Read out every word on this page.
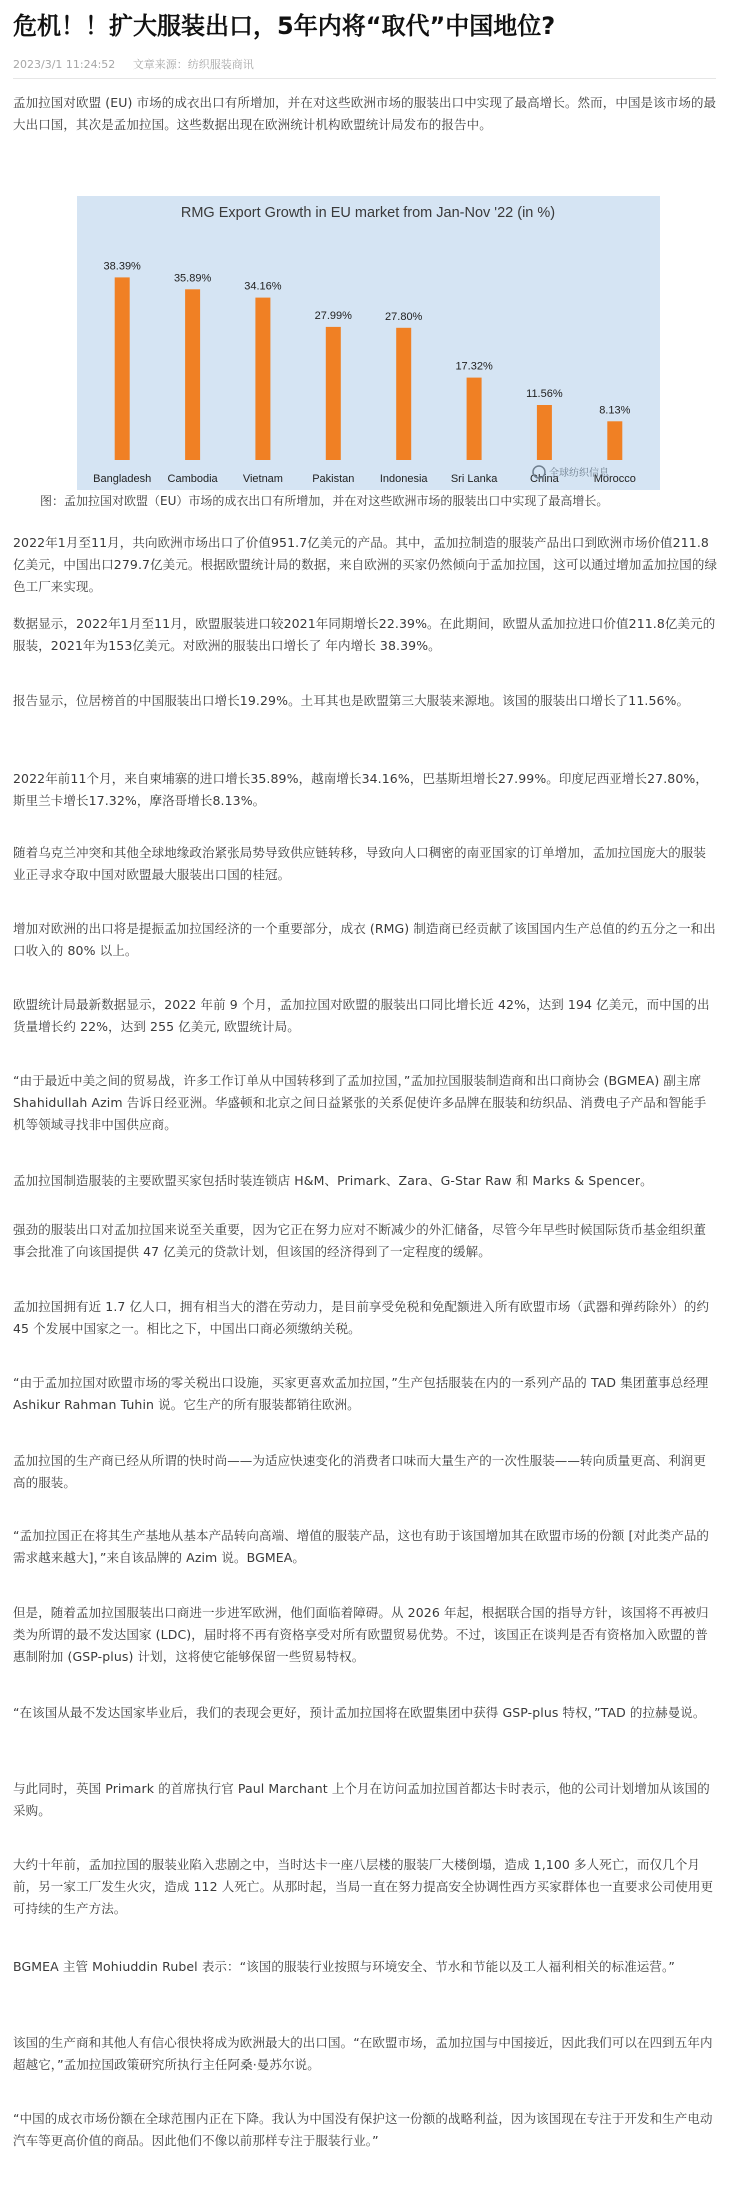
危机！！扩大服装出口，5年内将“取代”中国地位?
2023/3/1 11:24:52 文章来源：纺织服装商讯

孟加拉国对欧盟 (EU) 市场的成衣出口有所增加，并在对这些欧洲市场的服装出口中实现了最高增长。然而，中国是该市场的最大出口国，其次是孟加拉国。这些数据出现在欧洲统计机构欧盟统计局发布的报告中。

RMG Export Growth in EU market from Jan-Nov '22 (in %)
38.39%
Bangladesh
35.89%
Cambodia
34.16%
Vietnam
27.99%
Pakistan
27.80%
Indonesia
17.32%
Sri Lanka
11.56%
China
8.13%
Morocco
全球纺织信息
图：孟加拉国对欧盟（EU）市场的成衣出口有所增加，并在对这些欧洲市场的服装出口中实现了最高增长。

2022年1月至11月，共向欧洲市场出口了价值951.7亿美元的产品。其中，孟加拉制造的服装产品出口到欧洲市场价值211.8亿美元，中国出口279.7亿美元。根据欧盟统计局的数据，来自欧洲的买家仍然倾向于孟加拉国，这可以通过增加孟加拉国的绿色工厂来实现。

数据显示，2022年1月至11月，欧盟服装进口较2021年同期增长22.39%。在此期间，欧盟从孟加拉进口价值211.8亿美元的服装，2021年为153亿美元。对欧洲的服装出口增长了 年内增长 38.39%。

报告显示，位居榜首的中国服装出口增长19.29%。土耳其也是欧盟第三大服装来源地。该国的服装出口增长了11.56%。

2022年前11个月，来自柬埔寨的进口增长35.89%，越南增长34.16%，巴基斯坦增长27.99%。印度尼西亚增长27.80%，斯里兰卡增长17.32%，摩洛哥增长8.13%。

随着乌克兰冲突和其他全球地缘政治紧张局势导致供应链转移，导致向人口稠密的南亚国家的订单增加，孟加拉国庞大的服装业正寻求夺取中国对欧盟最大服装出口国的桂冠。

增加对欧洲的出口将是提振孟加拉国经济的一个重要部分，成衣 (RMG) 制造商已经贡献了该国国内生产总值的约五分之一和出口收入的 80% 以上。

欧盟统计局最新数据显示，2022 年前 9 个月，孟加拉国对欧盟的服装出口同比增长近 42%，达到 194 亿美元，而中国的出货量增长约 22%，达到 255 亿美元, 欧盟统计局。

“由于最近中美之间的贸易战，许多工作订单从中国转移到了孟加拉国，”孟加拉国服装制造商和出口商协会 (BGMEA) 副主席 Shahidullah Azim 告诉日经亚洲。华盛顿和北京之间日益紧张的关系促使许多品牌在服装和纺织品、消费电子产品和智能手机等领域寻找非中国供应商。

孟加拉国制造服装的主要欧盟买家包括时装连锁店 H&M、Primark、Zara、G-Star Raw 和 Marks & Spencer。

强劲的服装出口对孟加拉国来说至关重要，因为它正在努力应对不断减少的外汇储备，尽管今年早些时候国际货币基金组织董事会批准了向该国提供 47 亿美元的贷款计划，但该国的经济得到了一定程度的缓解。

孟加拉国拥有近 1.7 亿人口，拥有相当大的潜在劳动力，是目前享受免税和免配额进入所有欧盟市场（武器和弹药除外）的约 45 个发展中国家之一。相比之下，中国出口商必须缴纳关税。

“由于孟加拉国对欧盟市场的零关税出口设施，买家更喜欢孟加拉国，”生产包括服装在内的一系列产品的 TAD 集团董事总经理 Ashikur Rahman Tuhin 说。它生产的所有服装都销往欧洲。

孟加拉国的生产商已经从所谓的快时尚——为适应快速变化的消费者口味而大量生产的一次性服装——转向质量更高、利润更高的服装。

“孟加拉国正在将其生产基地从基本产品转向高端、增值的服装产品，这也有助于该国增加其在欧盟市场的份额 [对此类产品的需求越来越大]，”来自该品牌的 Azim 说。BGMEA。

但是，随着孟加拉国服装出口商进一步进军欧洲，他们面临着障碍。从 2026 年起，根据联合国的指导方针，该国将不再被归类为所谓的最不发达国家 (LDC)，届时将不再有资格享受对所有欧盟贸易优势。不过，该国正在谈判是否有资格加入欧盟的普惠制附加 (GSP-plus) 计划，这将使它能够保留一些贸易特权。

“在该国从最不发达国家毕业后，我们的表现会更好，预计孟加拉国将在欧盟集团中获得 GSP-plus 特权，”TAD 的拉赫曼说。

与此同时，英国 Primark 的首席执行官 Paul Marchant 上个月在访问孟加拉国首都达卡时表示，他的公司计划增加从该国的采购。

大约十年前，孟加拉国的服装业陷入悲剧之中，当时达卡一座八层楼的服装厂大楼倒塌，造成 1,100 多人死亡，而仅几个月前，另一家工厂发生火灾，造成 112 人死亡。从那时起，当局一直在努力提高安全协调性西方买家群体也一直要求公司使用更可持续的生产方法。

BGMEA 主管 Mohiuddin Rubel 表示：“该国的服装行业按照与环境安全、节水和节能以及工人福利相关的标准运营。”

该国的生产商和其他人有信心很快将成为欧洲最大的出口国。“在欧盟市场，孟加拉国与中国接近，因此我们可以在四到五年内超越它，”孟加拉国政策研究所执行主任阿桑·曼苏尔说。

“中国的成衣市场份额在全球范围内正在下降。我认为中国没有保护这一份额的战略利益，因为该国现在专注于开发和生产电动汽车等更高价值的商品。因此他们不像以前那样专注于服装行业。”
